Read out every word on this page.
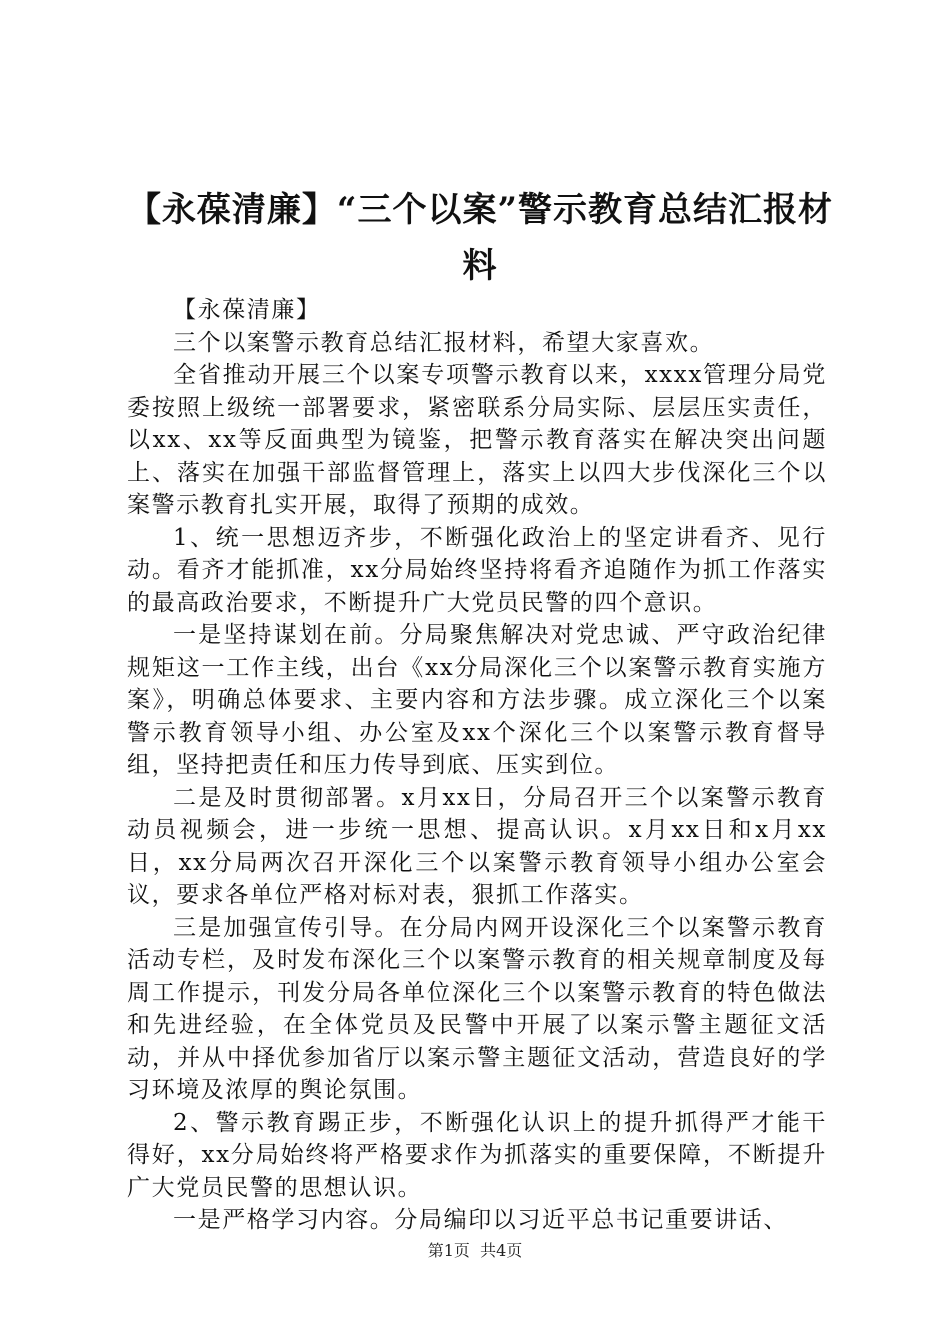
【永葆清廉】“三个以案”警示教育总结汇报材料

【永葆清廉】

三个以案警示教育总结汇报材料，希望大家喜欢。

全省推动开展三个以案专项警示教育以来，xxxx管理分局党委按照上级统一部署要求，紧密联系分局实际、层层压实责任，以xx、xx等反面典型为镜鉴，把警示教育落实在解决突出问题上、落实在加强干部监督管理上，落实上以四大步伐深化三个以案警示教育扎实开展，取得了预期的成效。

1、统一思想迈齐步，不断强化政治上的坚定讲看齐、见行动。看齐才能抓准，xx分局始终坚持将看齐追随作为抓工作落实的最高政治要求，不断提升广大党员民警的四个意识。

一是坚持谋划在前。分局聚焦解决对党忠诚、严守政治纪律规矩这一工作主线，出台《xx分局深化三个以案警示教育实施方案》，明确总体要求、主要内容和方法步骤。成立深化三个以案警示教育领导小组、办公室及xx个深化三个以案警示教育督导组，坚持把责任和压力传导到底、压实到位。

二是及时贯彻部署。x月xx日，分局召开三个以案警示教育动员视频会，进一步统一思想、提高认识。x月xx日和x月xx日，xx分局两次召开深化三个以案警示教育领导小组办公室会议，要求各单位严格对标对表，狠抓工作落实。

三是加强宣传引导。在分局内网开设深化三个以案警示教育活动专栏，及时发布深化三个以案警示教育的相关规章制度及每周工作提示，刊发分局各单位深化三个以案警示教育的特色做法和先进经验，在全体党员及民警中开展了以案示警主题征文活动，并从中择优参加省厅以案示警主题征文活动，营造良好的学习环境及浓厚的舆论氛围。

2、警示教育踢正步，不断强化认识上的提升抓得严才能干得好，xx分局始终将严格要求作为抓落实的重要保障，不断提升广大党员民警的思想认识。

一是严格学习内容。分局编印以习近平总书记重要讲话、

第1页  共4页
